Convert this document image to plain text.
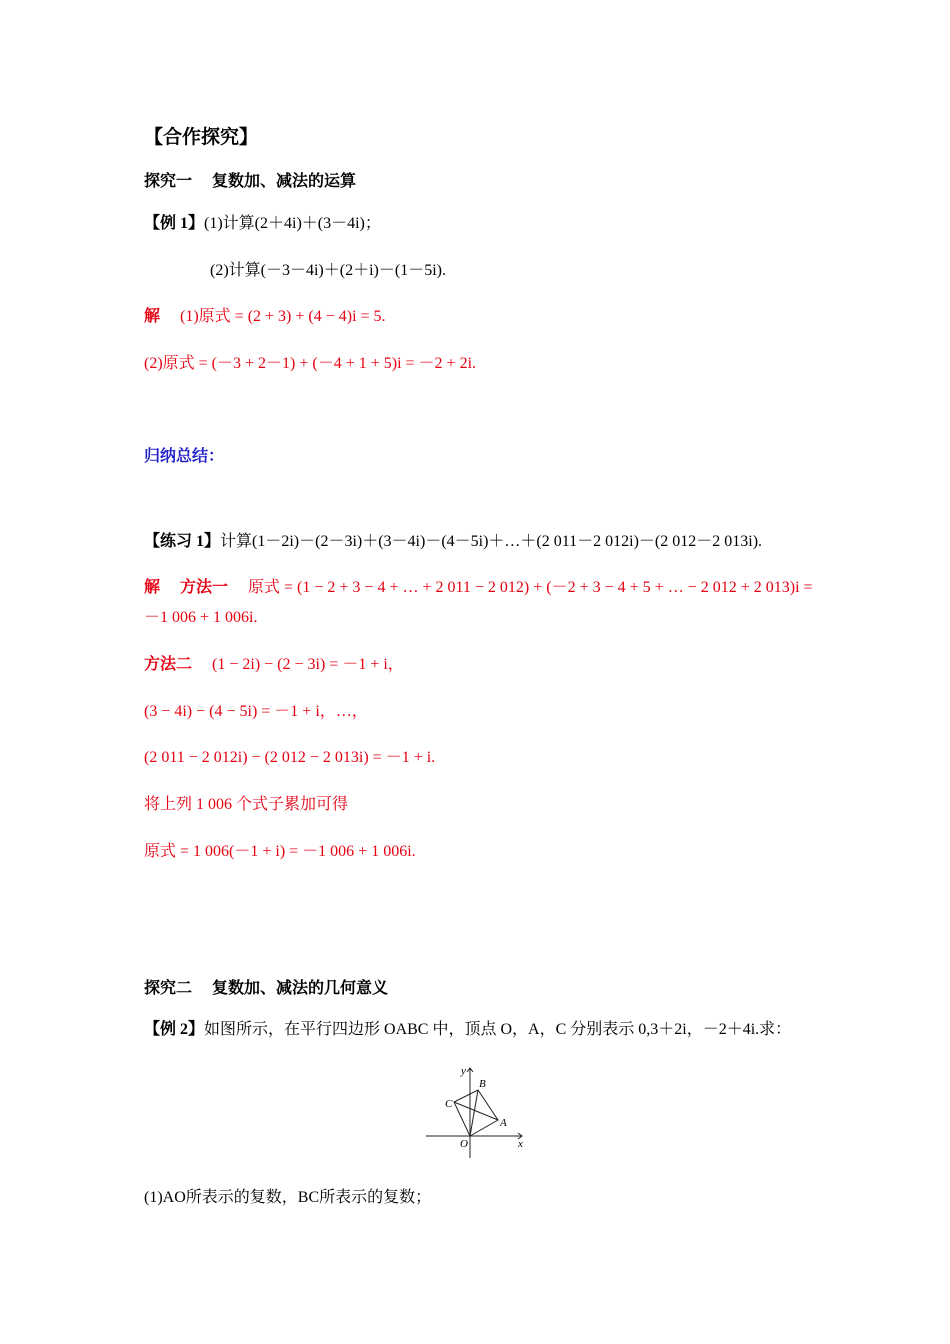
【合作探究】
探究一 复数加、减法的运算
【例 1】(1)计算(2＋4i)＋(3－4i)；
(2)计算(－3－4i)＋(2＋i)－(1－5i).
解 (1)原式 = (2 + 3) + (4 − 4)i = 5.
(2)原式 = (－3 + 2－1) + (－4 + 1 + 5)i = －2 + 2i.
归纳总结：
【练习 1】计算(1－2i)－(2－3i)＋(3－4i)－(4－5i)＋…＋(2 011－2 012i)－(2 012－2 013i).
解 方法一 原式 = (1 − 2 + 3 − 4 + … + 2 011 − 2 012) + (－2 + 3 − 4 + 5 + … − 2 012 + 2 013)i = －1 006 + 1 006i.
方法二 (1 − 2i) − (2 − 3i) = －1 + i，
(3 − 4i) − (4 − 5i) = －1 + i，…，
(2 011 − 2 012i) − (2 012 − 2 013i) = －1 + i.
将上列 1 006 个式子累加可得
原式 = 1 006(－1 + i) = －1 006 + 1 006i.
探究二 复数加、减法的几何意义
【例 2】如图所示，在平行四边形 OABC 中，顶点 O，A，C 分别表示 0,3＋2i，－2＋4i.求：
y
x
O
A
B
C
(1)AO所表示的复数，BC所表示的复数；
